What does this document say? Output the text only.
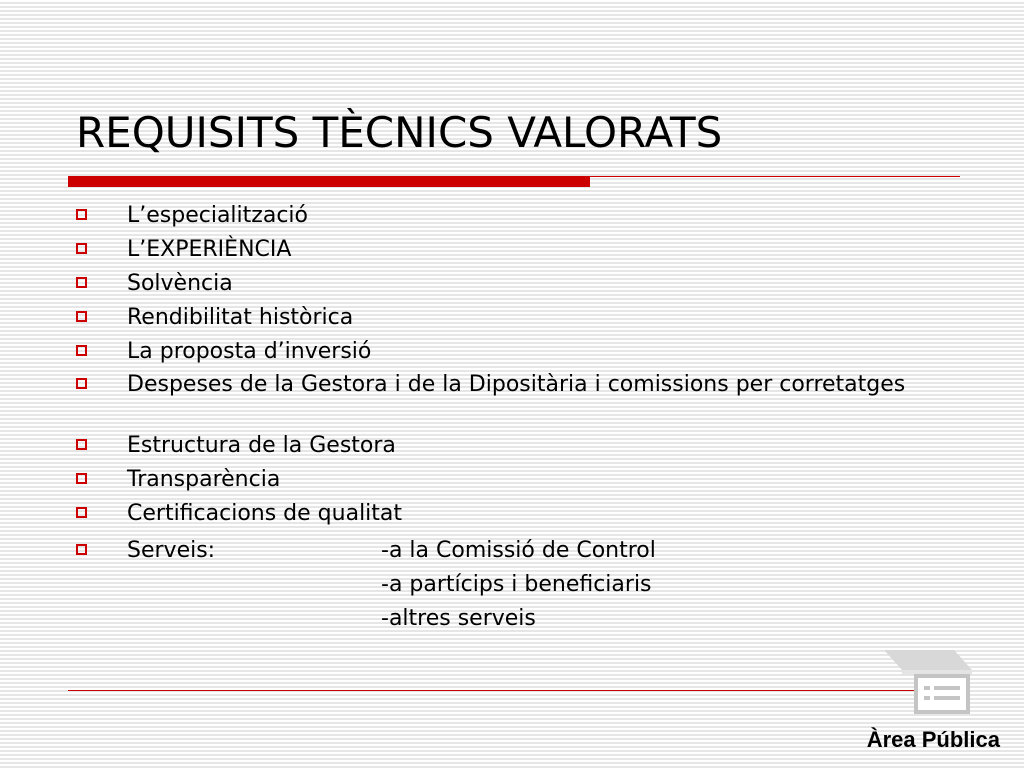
REQUISITS TÈCNICS VALORATS
L’especialització
L’EXPERIÈNCIA
Solvència
Rendibilitat històrica
La proposta d’inversió
Despeses de la Gestora i de la Dipositària i comissions per corretatges
Estructura de la Gestora
Transparència
Certificacions de qualitat
Serveis:	-a la Comissió de Control
-a partícips i beneficiaris
-altres serveis
Àrea Pública
